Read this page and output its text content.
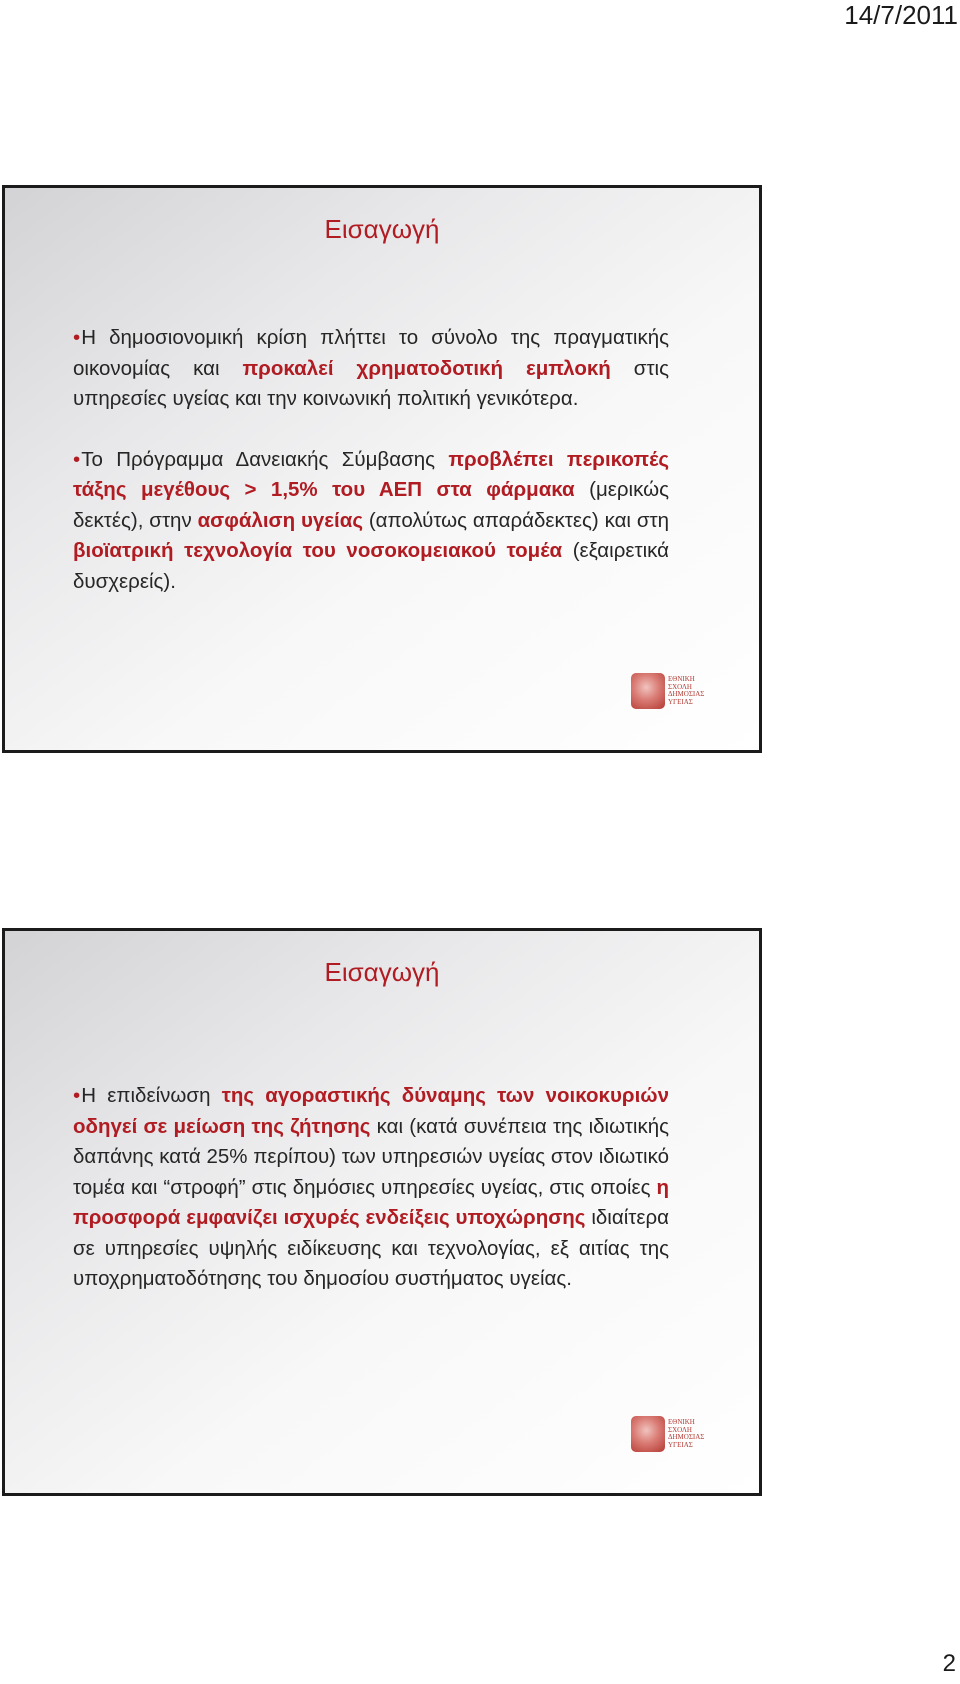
14/7/2011
Εισαγωγή

•Η δημοσιονομική κρίση πλήττει το σύνολο της πραγματικής οικονομίας και προκαλεί χρηματοδοτική εμπλοκή στις υπηρεσίες υγείας και την κοινωνική πολιτική γενικότερα.

•Το Πρόγραμμα Δανειακής Σύμβασης προβλέπει περικοπές τάξης μεγέθους > 1,5% του ΑΕΠ στα φάρμακα (μερικώς δεκτές), στην ασφάλιση υγείας (απολύτως απαράδεκτες) και στη βιοϊατρική τεχνολογία του νοσοκομειακού τομέα (εξαιρετικά δυσχερείς).

ΕΘΝΙΚΗ
ΣΧΟΛΗ
ΔΗΜΟΣΙΑΣ
ΥΓΕΙΑΣ
Εισαγωγή

•Η επιδείνωση της αγοραστικής δύναμης των νοικοκυριών οδηγεί σε μείωση της ζήτησης και (κατά συνέπεια της ιδιωτικής δαπάνης κατά 25% περίπου) των υπηρεσιών υγείας στον ιδιωτικό τομέα και “στροφή” στις δημόσιες υπηρεσίες υγείας, στις οποίες η προσφορά εμφανίζει ισχυρές ενδείξεις υποχώρησης ιδιαίτερα σε υπηρεσίες υψηλής ειδίκευσης και τεχνολογίας, εξ αιτίας της υποχρηματοδότησης του δημοσίου συστήματος υγείας.

ΕΘΝΙΚΗ
ΣΧΟΛΗ
ΔΗΜΟΣΙΑΣ
ΥΓΕΙΑΣ
2
